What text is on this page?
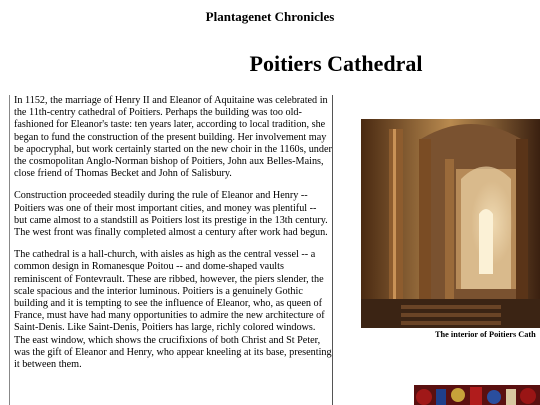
Plantagenet Chronicles
Poitiers Cathedral

In 1152, the marriage of Henry II and Eleanor of Aquitaine was celebrated in the 11th-centry cathedral of Poitiers. Perhaps the building was too old-fashioned for Eleanor's taste: ten years later, according to local tradition, she began to fund the construction of the present building. Her involvement may be apocryphal, but work certainly started on the new choir in the 1160s, under the cosmopolitan Anglo-Norman bishop of Poitiers, John aux Belles-Mains, close friend of Thomas Becket and John of Salisbury.

Construction proceeded steadily during the rule of Eleanor and Henry -- Poitiers was one of their most important cities, and money was plentiful -- but came almost to a standstill as Poitiers lost its prestige in the 13th century. The west front was finally completed almost a century after work had begun.

The cathedral is a hall-church, with aisles as high as the central vessel -- a common design in Romanesque Poitou -- and dome-shaped vaults reminiscent of Fontevrault. These are ribbed, however, the piers slender, the scale spacious and the interior luminous. Poitiers is a genuinely Gothic building and it is tempting to see the influence of Eleanor, who, as queen of France, must have had many opportunities to admire the new architecture of Saint-Denis. Like Saint-Denis, Poitiers has large, richly colored windows. The east window, which shows the crucifixions of both Christ and St Peter, was the gift of Eleanor and Henry, who appear kneeling at its base, presenting it between them.

The interior of Poitiers Cath
